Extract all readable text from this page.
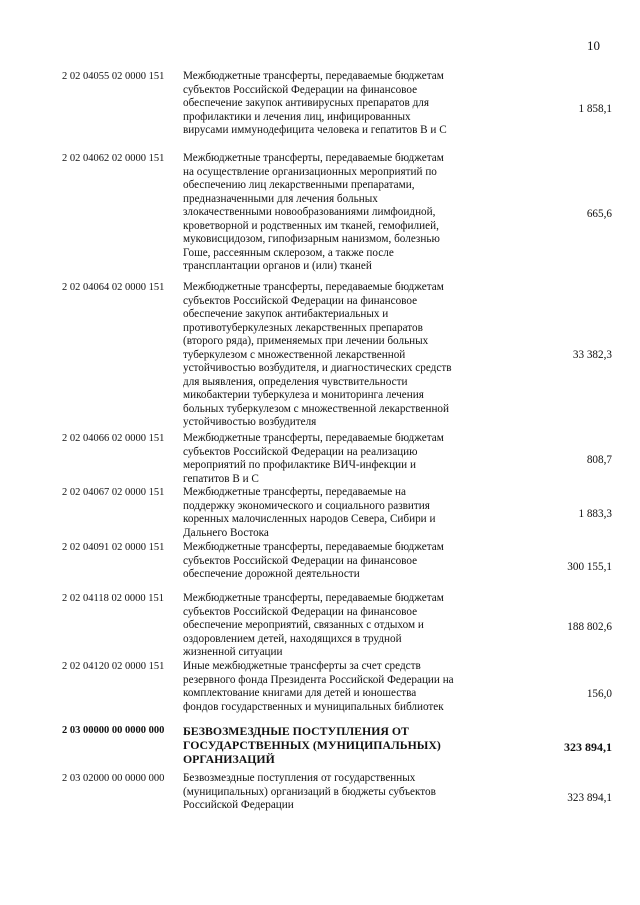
10
2 02 04055 02 0000 151	Межбюджетные трансферты, передаваемые бюджетам
субъектов Российской Федерации на финансовое
обеспечение закупок антивирусных препаратов для
профилактики и лечения лиц, инфицированных
вирусами иммунодефицита человека и гепатитов В и С
1 858,1
2 02 04062 02 0000 151	Межбюджетные трансферты, передаваемые бюджетам
на осуществление организационных мероприятий по
обеспечению лиц лекарственными препаратами,
предназначенными для лечения больных
злокачественными новообразованиями лимфоидной,
кроветворной и родственных им тканей, гемофилией,
муковисцидозом, гипофизарным нанизмом, болезнью
Гоше, рассеянным склерозом, а также после
трансплантации органов и (или) тканей
665,6
2 02 04064 02 0000 151	Межбюджетные трансферты, передаваемые бюджетам
субъектов Российской Федерации на финансовое
обеспечение закупок антибактериальных и
противотуберкулезных лекарственных препаратов
(второго ряда), применяемых при лечении больных
туберкулезом с множественной лекарственной
устойчивостью возбудителя, и диагностических средств
для выявления, определения чувствительности
микобактерии туберкулеза и мониторинга лечения
больных туберкулезом с множественной лекарственной
устойчивостью возбудителя
33 382,3
2 02 04066 02 0000 151	Межбюджетные трансферты, передаваемые бюджетам
субъектов Российской Федерации на реализацию
мероприятий по профилактике ВИЧ-инфекции и
гепатитов В и С
808,7
2 02 04067 02 0000 151	Межбюджетные трансферты, передаваемые на
поддержку экономического и социального развития
коренных малочисленных народов Севера, Сибири и
Дальнего Востока
1 883,3
2 02 04091 02 0000 151	Межбюджетные трансферты, передаваемые бюджетам
субъектов Российской Федерации на финансовое
обеспечение дорожной деятельности
300 155,1
2 02 04118 02 0000 151	Межбюджетные трансферты, передаваемые бюджетам
субъектов Российской Федерации на финансовое
обеспечение мероприятий, связанных с отдыхом и
оздоровлением детей, находящихся в трудной
жизненной ситуации
188 802,6
2 02 04120 02 0000 151	Иные межбюджетные трансферты за счет средств
резервного фонда Президента Российской Федерации на
комплектование книгами для детей и юношества
фондов государственных и муниципальных библиотек
156,0
2 03 00000 00 0000 000	БЕЗВОЗМЕЗДНЫЕ ПОСТУПЛЕНИЯ ОТ
ГОСУДАРСТВЕННЫХ (МУНИЦИПАЛЬНЫХ)
ОРГАНИЗАЦИЙ
323 894,1
2 03 02000 00 0000 000	Безвозмездные поступления от государственных
(муниципальных) организаций в бюджеты субъектов
Российской Федерации
323 894,1
